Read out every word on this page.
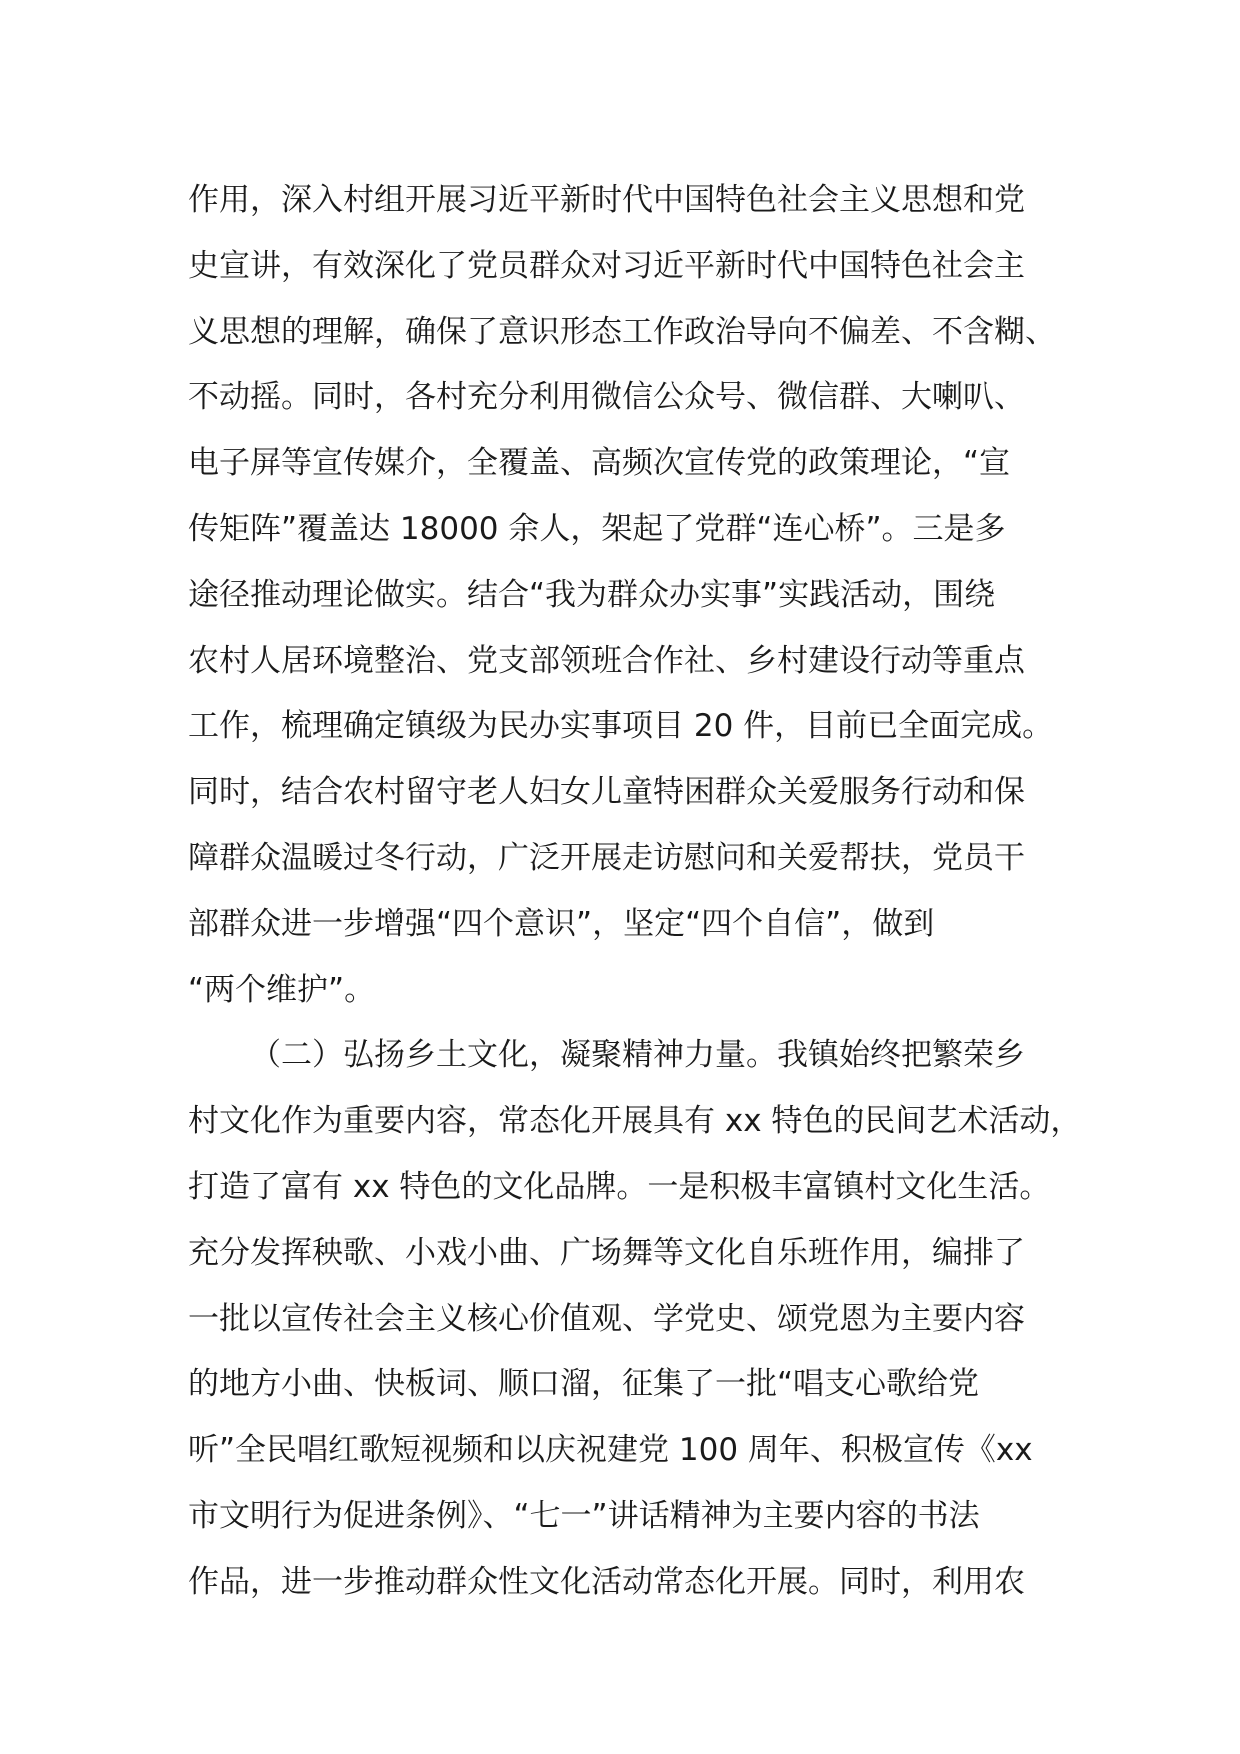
作用，深入村组开展习近平新时代中国特色社会主义思想和党
史宣讲，有效深化了党员群众对习近平新时代中国特色社会主
义思想的理解，确保了意识形态工作政治导向不偏差、不含糊、
不动摇。同时，各村充分利用微信公众号、微信群、大喇叭、
电子屏等宣传媒介，全覆盖、高频次宣传党的政策理论，“宣
传矩阵”覆盖达 18000 余人，架起了党群“连心桥”。三是多
途径推动理论做实。结合“我为群众办实事”实践活动，围绕
农村人居环境整治、党支部领班合作社、乡村建设行动等重点
工作，梳理确定镇级为民办实事项目 20 件，目前已全面完成。
同时，结合农村留守老人妇女儿童特困群众关爱服务行动和保
障群众温暖过冬行动，广泛开展走访慰问和关爱帮扶，党员干
部群众进一步增强“四个意识”，坚定“四个自信”，做到
“两个维护”。
（二）弘扬乡土文化，凝聚精神力量。我镇始终把繁荣乡
村文化作为重要内容，常态化开展具有 xx 特色的民间艺术活动，
打造了富有 xx 特色的文化品牌。一是积极丰富镇村文化生活。
充分发挥秧歌、小戏小曲、广场舞等文化自乐班作用，编排了
一批以宣传社会主义核心价值观、学党史、颂党恩为主要内容
的地方小曲、快板词、顺口溜，征集了一批“唱支心歌给党
听”全民唱红歌短视频和以庆祝建党 100 周年、积极宣传《xx
市文明行为促进条例》、“七一”讲话精神为主要内容的书法
作品，进一步推动群众性文化活动常态化开展。同时，利用农
